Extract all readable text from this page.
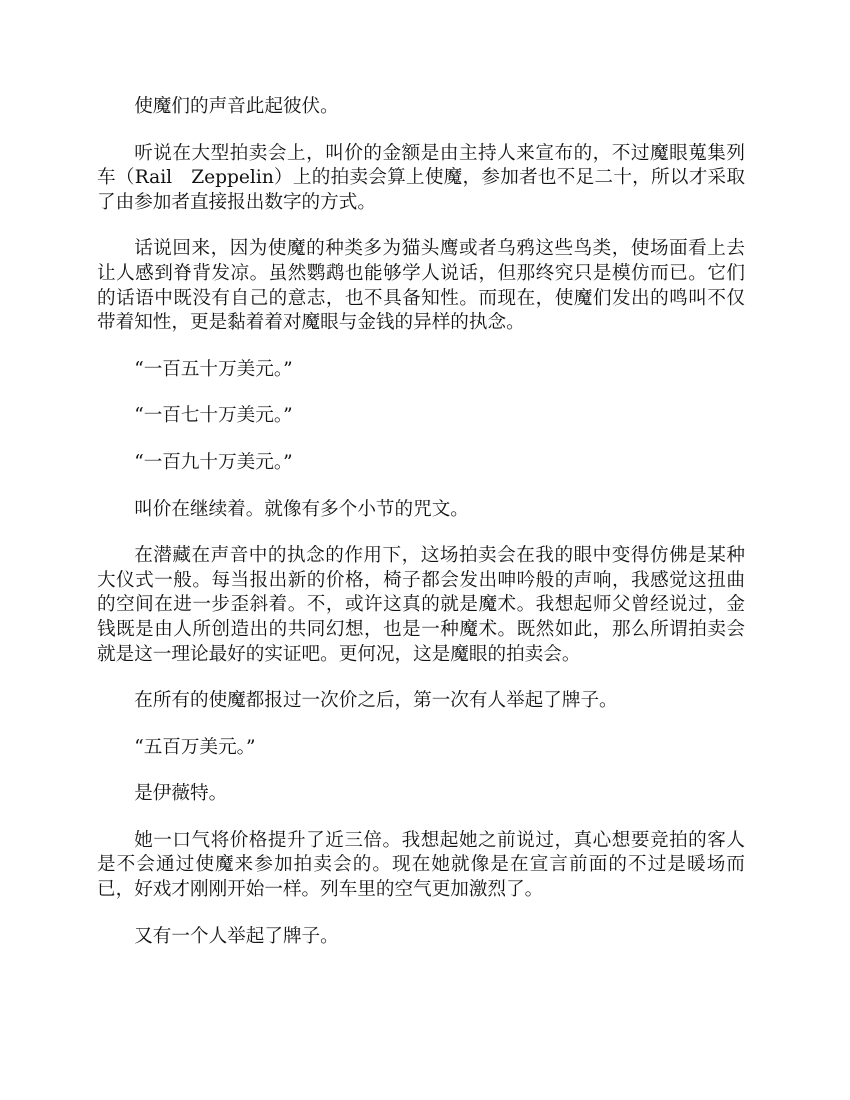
使魔们的声音此起彼伏。

听说在大型拍卖会上，叫价的金额是由主持人来宣布的，不过魔眼蒐集列车（Rail　Zeppelin）上的拍卖会算上使魔，参加者也不足二十，所以才采取了由参加者直接报出数字的方式。

话说回来，因为使魔的种类多为猫头鹰或者乌鸦这些鸟类，使场面看上去让人感到脊背发凉。虽然鹦鹉也能够学人说话，但那终究只是模仿而已。它们的话语中既没有自己的意志，也不具备知性。而现在，使魔们发出的鸣叫不仅带着知性，更是黏着着对魔眼与金钱的异样的执念。

“一百五十万美元。”

“一百七十万美元。”

“一百九十万美元。”

叫价在继续着。就像有多个小节的咒文。

在潜藏在声音中的执念的作用下，这场拍卖会在我的眼中变得仿佛是某种大仪式一般。每当报出新的价格，椅子都会发出呻吟般的声响，我感觉这扭曲的空间在进一步歪斜着。不，或许这真的就是魔术。我想起师父曾经说过，金钱既是由人所创造出的共同幻想，也是一种魔术。既然如此，那么所谓拍卖会就是这一理论最好的实证吧。更何况，这是魔眼的拍卖会。

在所有的使魔都报过一次价之后，第一次有人举起了牌子。

“五百万美元。”

是伊薇特。

她一口气将价格提升了近三倍。我想起她之前说过，真心想要竞拍的客人是不会通过使魔来参加拍卖会的。现在她就像是在宣言前面的不过是暖场而已，好戏才刚刚开始一样。列车里的空气更加激烈了。

又有一个人举起了牌子。
